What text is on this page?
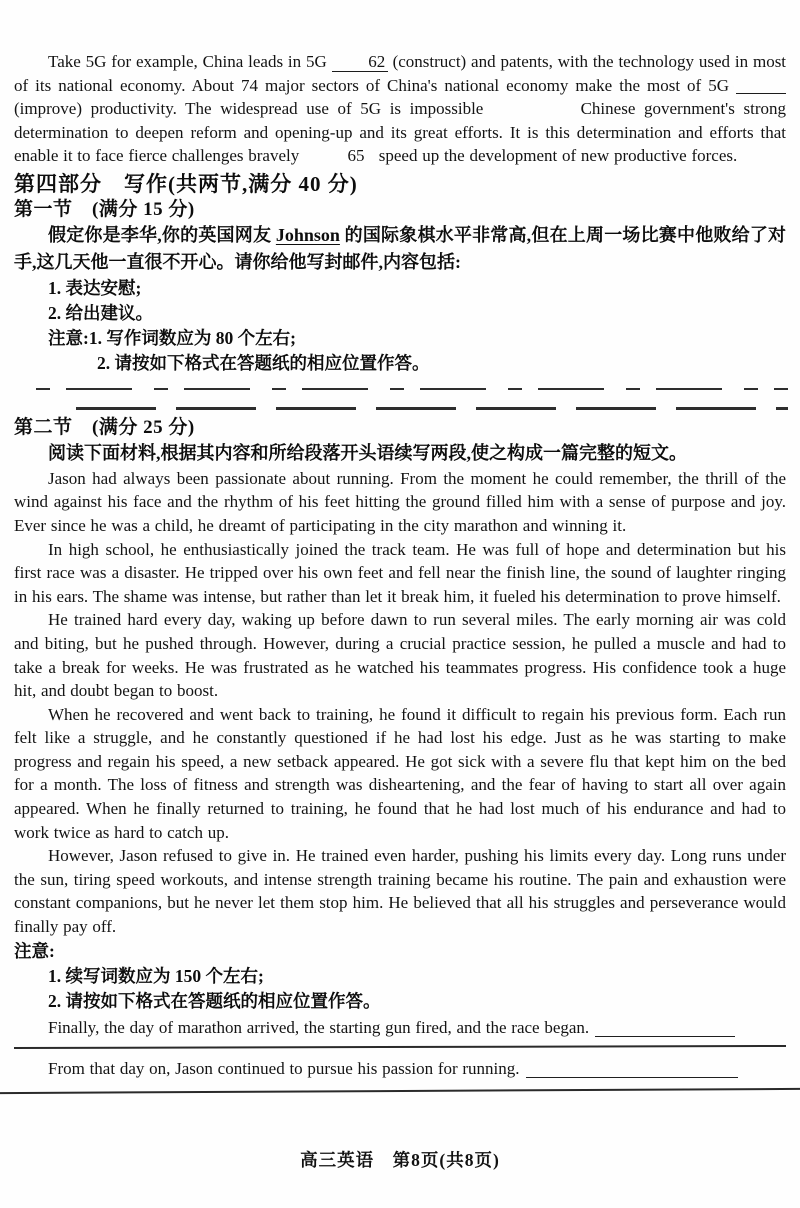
Take 5G for example, China leads in 5G 62 (construct) and patents, with the technology used in most of its national economy. About 74 major sectors of China's national economy make the most of 5G  (improve) productivity. The widespread use of 5G is impossible	Chinese government's strong determination to deepen reform and opening-up and its great efforts. It is this determination and efforts that enable it to face fierce challenges bravely	65 speed up the development of new productive forces.

第四部分　写作(共两节,满分 40 分)
第一节　(满分 15 分)

假定你是李华,你的英国网友 Johnson 的国际象棋水平非常高,但在上周一场比赛中他败给了对手,这几天他一直很不开心。请你给他写封邮件,内容包括:

1. 表达安慰;

2. 给出建议。

注意:1. 写作词数应为 80 个左右;

2. 请按如下格式在答题纸的相应位置作答。

第二节　(满分 25 分)

阅读下面材料,根据其内容和所给段落开头语续写两段,使之构成一篇完整的短文。

Jason had always been passionate about running. From the moment he could remember, the thrill of the wind against his face and the rhythm of his feet hitting the ground filled him with a sense of purpose and joy. Ever since he was a child, he dreamt of participating in the city marathon and winning it.

In high school, he enthusiastically joined the track team. He was full of hope and determination but his first race was a disaster. He tripped over his own feet and fell near the finish line, the sound of laughter ringing in his ears. The shame was intense, but rather than let it break him, it fueled his determination to prove himself.

He trained hard every day, waking up before dawn to run several miles. The early morning air was cold and biting, but he pushed through. However, during a crucial practice session, he pulled a muscle and had to take a break for weeks. He was frustrated as he watched his teammates progress. His confidence took a huge hit, and doubt began to boost.

When he recovered and went back to training, he found it difficult to regain his previous form. Each run felt like a struggle, and he constantly questioned if he had lost his edge. Just as he was starting to make progress and regain his speed, a new setback appeared. He got sick with a severe flu that kept him on the bed for a month. The loss of fitness and strength was disheartening, and the fear of having to start all over again appeared. When he finally returned to training, he found that he had lost much of his endurance and had to work twice as hard to catch up.

However, Jason refused to give in. He trained even harder, pushing his limits every day. Long runs under the sun, tiring speed workouts, and intense strength training became his routine. The pain and exhaustion were constant companions, but he never let them stop him. He believed that all his struggles and perseverance would finally pay off.

注意:

1. 续写词数应为 150 个左右;

2. 请按如下格式在答题纸的相应位置作答。

Finally, the day of marathon arrived, the starting gun fired, and the race began.

From that day on, Jason continued to pursue his passion for running.

高三英语　第8页(共8页)
